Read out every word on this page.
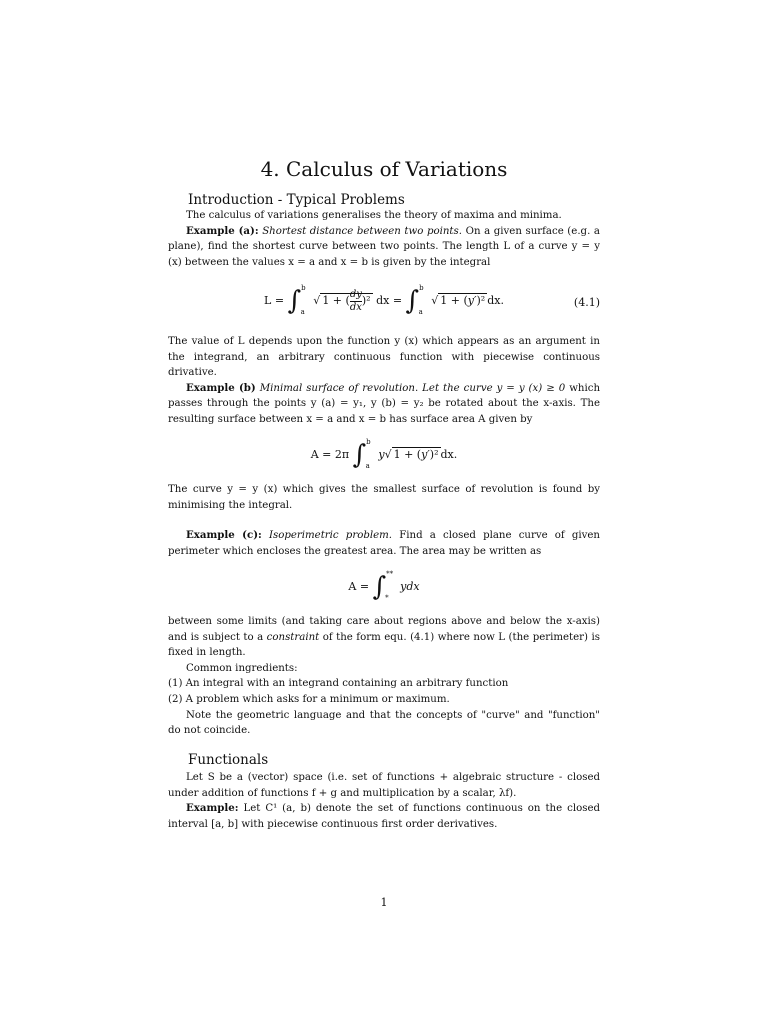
4. Calculus of Variations
Introduction - Typical Problems

The calculus of variations generalises the theory of maxima and minima.

Example (a): Shortest distance between two points. On a given surface (e.g. a plane), find the shortest curve between two points. The length L of a curve y = y (x) between the values x = a and x = b is given by the integral

L = ∫$^b_a$ √ 1 + ( $\frac{dy}{dx} )^2$ dx = ∫$^b_a$ √ 1 + (y′)² dx.	(4.1)

The value of L depends upon the function y (x) which appears as an argument in the integrand, an arbitrary continuous function with piecewise continuous drivative.

Example (b) Minimal surface of revolution. Let the curve y = y (x) ≥ 0 which passes through the points y (a) = y₁, y (b) = y₂ be rotated about the x-axis. The resulting surface between x = a and x = b has surface area A given by

A = 2π ∫$^b_a$ y√ 1 + (y′)² dx.

The curve y = y (x) which gives the smallest surface of revolution is found by minimising the integral.

Example (c): Isoperimetric problem. Find a closed plane curve of given perimeter which encloses the greatest area. The area may be written as

$A = \int^{**}_*$ ydx

between some limits (and taking care about regions above and below the x-axis) and is subject to a constraint of the form equ. (4.1) where now L (the perimeter) is fixed in length.

Common ingredients:

(1) An integral with an integrand containing an arbitrary function

(2) A problem which asks for a minimum or maximum.

Note the geometric language and that the concepts of "curve" and "function" do not coincide.

Functionals

Let S be a (vector) space (i.e. set of functions + algebraic structure - closed under addition of functions f + g and multiplication by a scalar, λf).

Example: Let C¹ (a, b) denote the set of functions continuous on the closed interval [a, b] with piecewise continuous first order derivatives.

1
